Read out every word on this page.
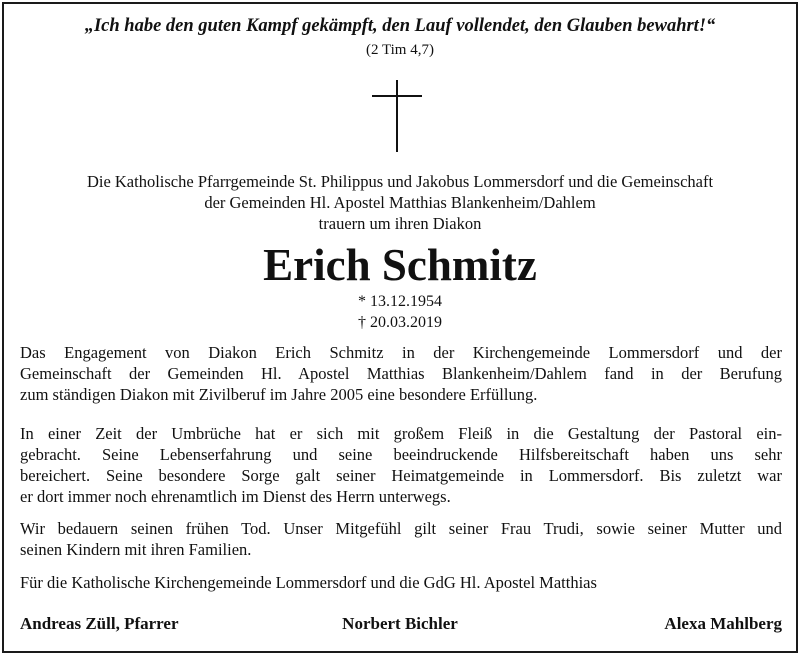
„Ich habe den guten Kampf gekämpft, den Lauf vollendet, den Glauben bewahrt!“
(2 Tim 4,7)
Die Katholische Pfarrgemeinde St. Philippus und Jakobus Lommersdorf und die Gemeinschaft
der Gemeinden Hl. Apostel Matthias Blankenheim/Dahlem
trauern um ihren Diakon
Erich Schmitz
* 13.12.1954
† 20.03.2019
Das Engagement von Diakon Erich Schmitz in der Kirchengemeinde Lommersdorf und der
Gemeinschaft der Gemeinden Hl. Apostel Matthias Blankenheim/Dahlem fand in der Berufung
zum ständigen Diakon mit Zivilberuf im Jahre 2005 eine besondere Erfüllung.
In einer Zeit der Umbrüche hat er sich mit großem Fleiß in die Gestaltung der Pastoral ein-
gebracht. Seine Lebenserfahrung und seine beeindruckende Hilfsbereitschaft haben uns sehr
bereichert. Seine besondere Sorge galt seiner Heimatgemeinde in Lommersdorf. Bis zuletzt war
er dort immer noch ehrenamtlich im Dienst des Herrn unterwegs.
Wir bedauern seinen frühen Tod. Unser Mitgefühl gilt seiner Frau Trudi, sowie seiner Mutter und
seinen Kindern mit ihren Familien.
Für die Katholische Kirchengemeinde Lommersdorf und die GdG Hl. Apostel Matthias
Andreas Züll, Pfarrer	Norbert Bichler	Alexa Mahlberg
